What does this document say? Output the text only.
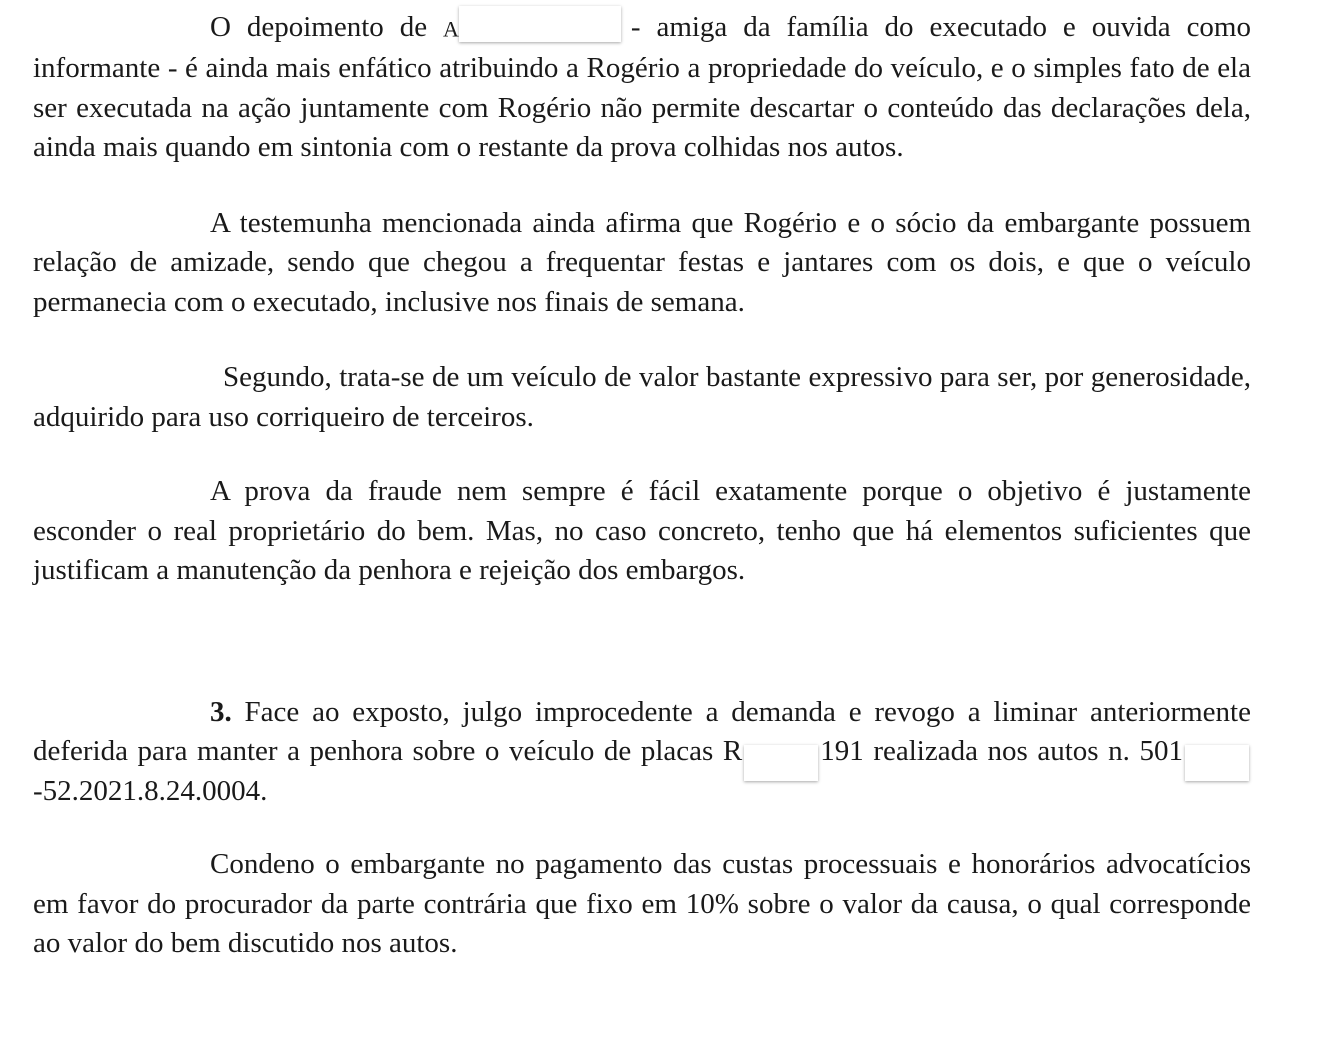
O depoimento de A	- amiga da família do executado e ouvida como informante - é ainda mais enfático atribuindo a Rogério a propriedade do veículo, e o simples fato de ela ser executada na ação juntamente com Rogério não permite descartar o conteúdo das declarações dela, ainda mais quando em sintonia com o restante da prova colhidas nos autos.

A testemunha mencionada ainda afirma que Rogério e o sócio da embargante possuem relação de amizade, sendo que chegou a frequentar festas e jantares com os dois, e que o veículo permanecia com o executado, inclusive nos finais de semana.

Segundo, trata-se de um veículo de valor bastante expressivo para ser, por generosidade, adquirido para uso corriqueiro de terceiros.

A prova da fraude nem sempre é fácil exatamente porque o objetivo é justamente esconder o real proprietário do bem. Mas, no caso concreto, tenho que há elementos suficientes que justificam a manutenção da penhora e rejeição dos embargos.

3. Face ao exposto, julgo improcedente a demanda e revogo a liminar anteriormente deferida para manter a penhora sobre o veículo de placas R	191 realizada nos autos n. 501-52.2021.8.24.0004.

Condeno o embargante no pagamento das custas processuais e honorários advocatícios em favor do procurador da parte contrária que fixo em 10% sobre o valor da causa, o qual corresponde ao valor do bem discutido nos autos.
